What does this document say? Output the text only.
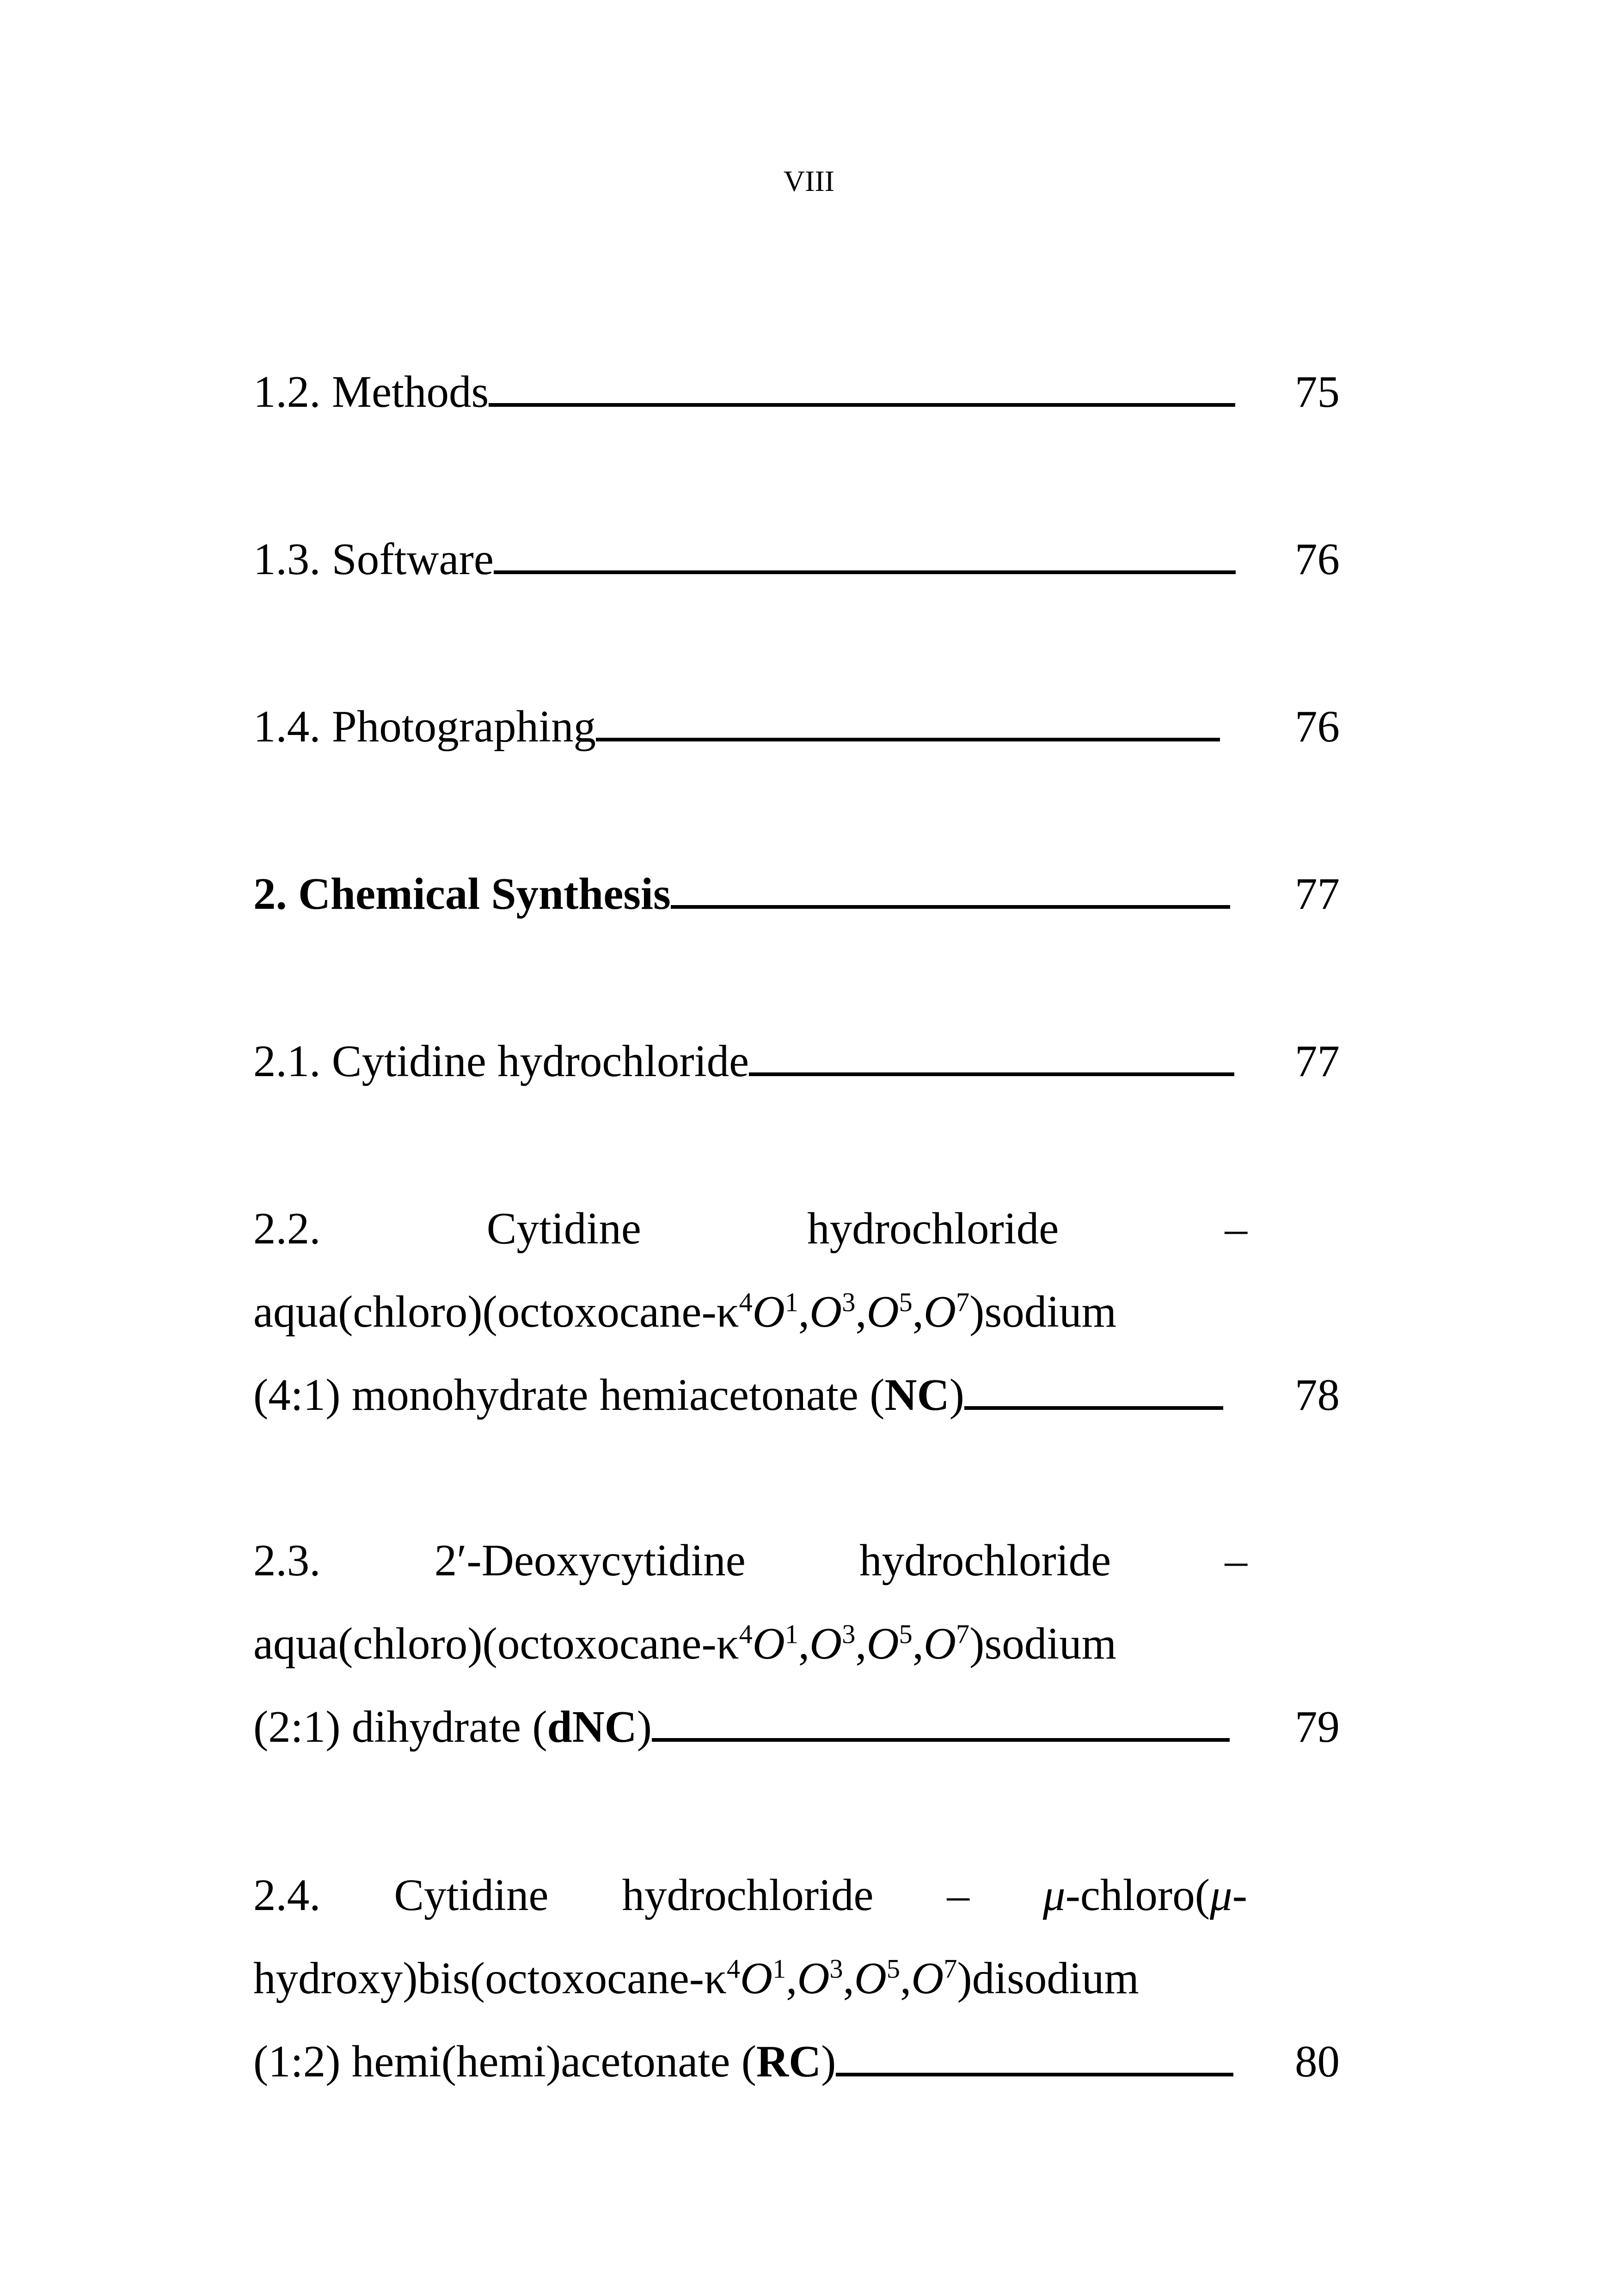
VIII
1.2. Methods	75
1.3. Software	76
1.4. Photographing	76
2. Chemical Synthesis	77
2.1. Cytidine hydrochloride	77
2.2.	Cytidine	hydrochloride	–
$aqua(chloro)(octoxocane-\kappa^4O^1,O^3,O^5,O^7)sodium$
(4:1) monohydrate hemiacetonate (NC)	78
2.3.	2′-Deoxycytidine	hydrochloride	–
$aqua(chloro)(octoxocane-\kappa^4O^1,O^3,O^5,O^7)sodium$
(2:1) dihydrate (dNC)	79
2.4. Cytidine hydrochloride – μ-chloro(μ-
$hydroxy)bis(octoxocane-\kappa^4O^1,O^3,O^5,O^7)disodium$
(1:2) hemi(hemi)acetonate (RC)	80
